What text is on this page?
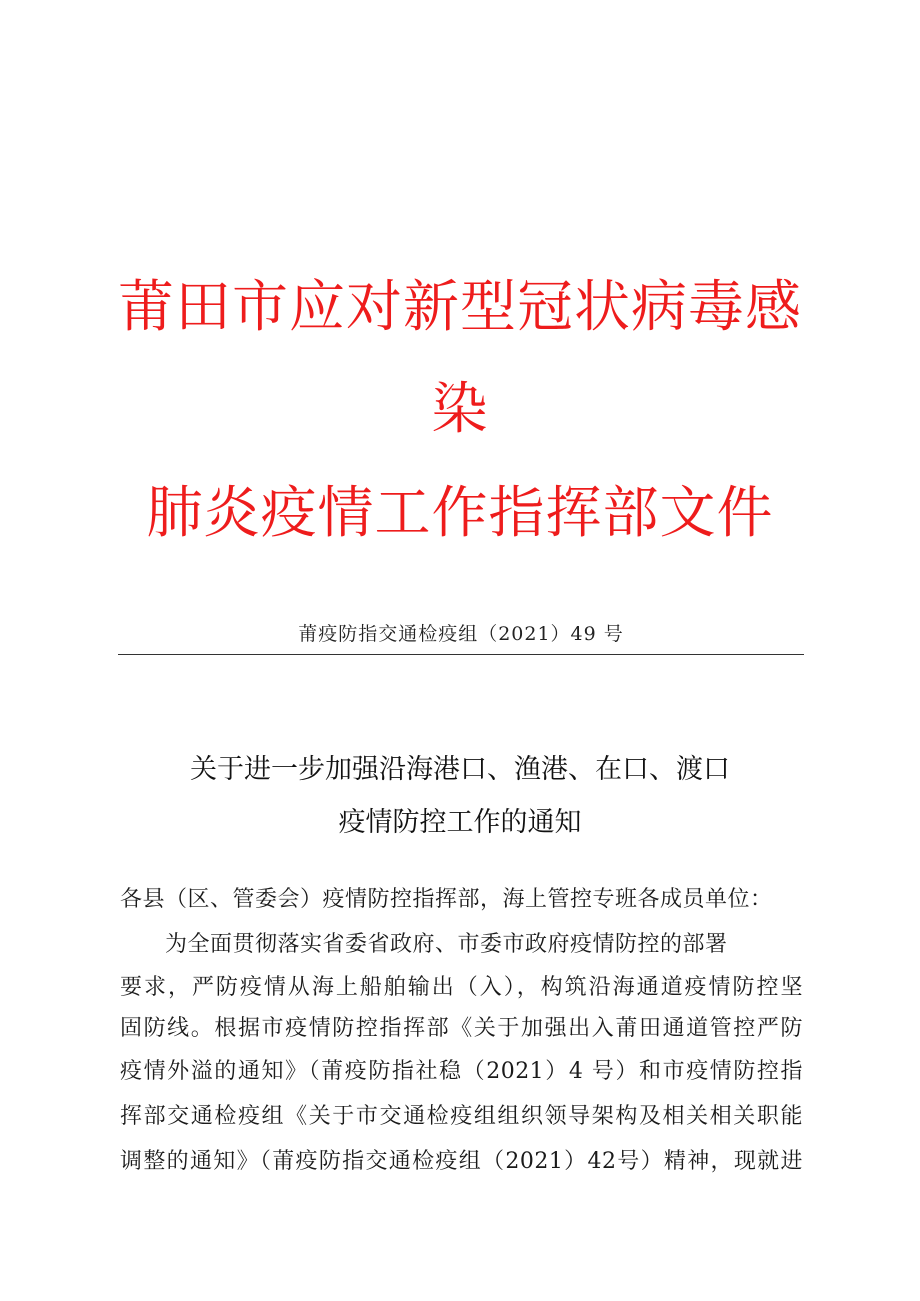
莆田市应对新型冠状病毒感
染
肺炎疫情工作指挥部文件
莆疫防指交通检疫组（2021）49 号
关于进一步加强沿海港口、渔港、在口、渡口
疫情防控工作的通知
各县（区、管委会）疫情防控指挥部，海上管控专班各成员单位：
为全面贯彻落实省委省政府、市委市政府疫情防控的部署
要求，严防疫情从海上船舶输出（入），构筑沿海通道疫情防控坚
固防线。根据市疫情防控指挥部《关于加强出入莆田通道管控严防
疫情外溢的通知》（莆疫防指社稳（2021）4 号）和市疫情防控指
挥部交通检疫组《关于市交通检疫组组织领导架构及相关相关职能
调整的通知》（莆疫防指交通检疫组（2021）42号）精神，现就进
